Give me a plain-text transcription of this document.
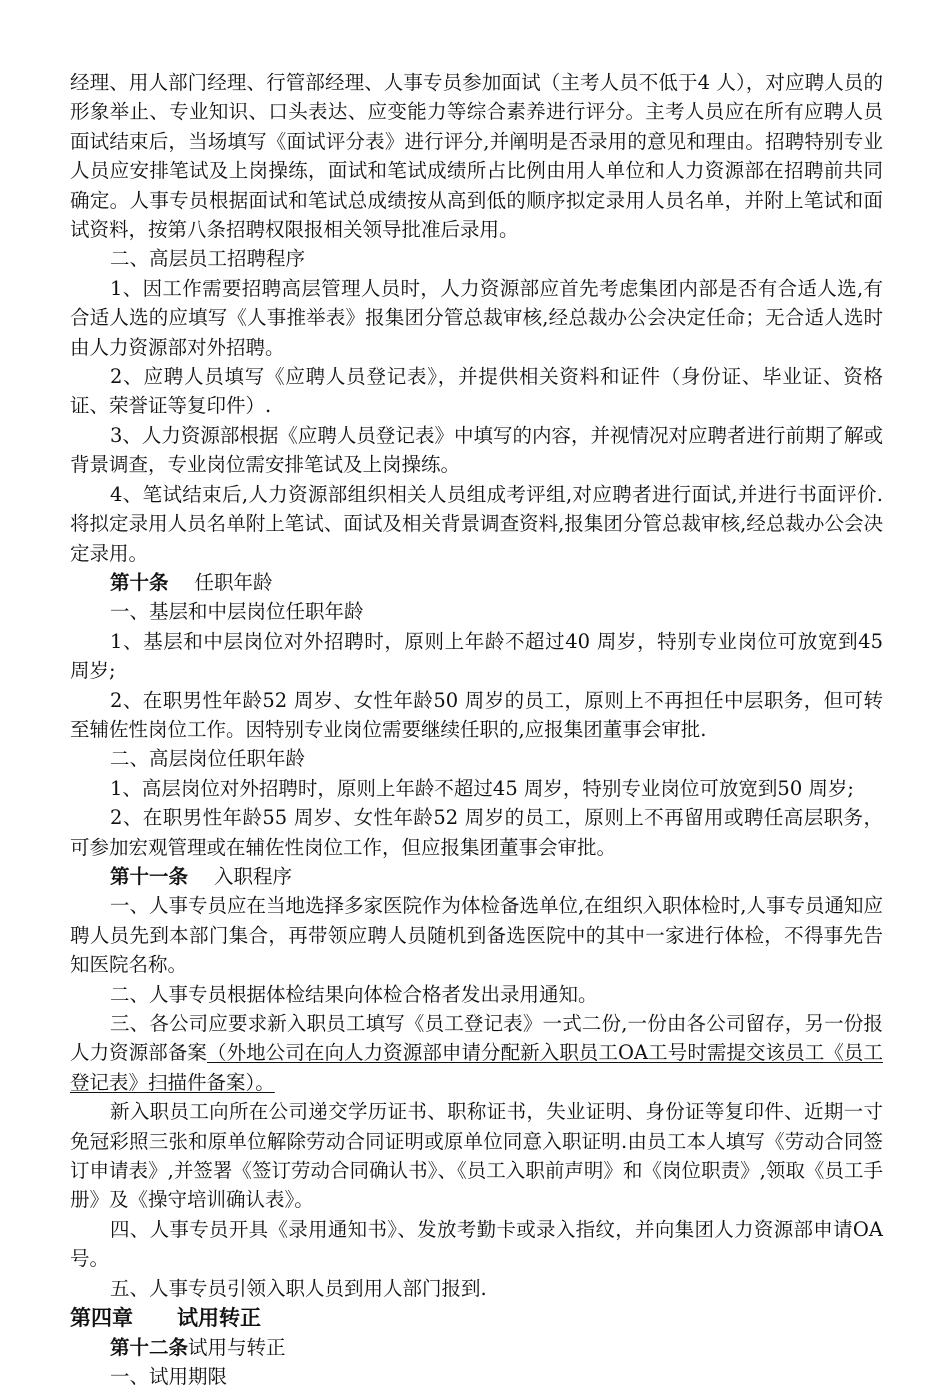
经理、用人部门经理、行管部经理、人事专员参加面试（主考人员不低于4 人），对应聘人员的形象举止、专业知识、口头表达、应变能力等综合素养进行评分。主考人员应在所有应聘人员面试结束后，当场填写《面试评分表》进行评分,并阐明是否录用的意见和理由。招聘特别专业人员应安排笔试及上岗操练，面试和笔试成绩所占比例由用人单位和人力资源部在招聘前共同确定。人事专员根据面试和笔试总成绩按从高到低的顺序拟定录用人员名单，并附上笔试和面试资料，按第八条招聘权限报相关领导批准后录用。

二、高层员工招聘程序

1、因工作需要招聘高层管理人员时，人力资源部应首先考虑集团内部是否有合适人选,有合适人选的应填写《人事推举表》报集团分管总裁审核,经总裁办公会决定任命；无合适人选时由人力资源部对外招聘。

2、应聘人员填写《应聘人员登记表》，并提供相关资料和证件（身份证、毕业证、资格证、荣誉证等复印件）.

3、人力资源部根据《应聘人员登记表》中填写的内容，并视情况对应聘者进行前期了解或背景调查，专业岗位需安排笔试及上岗操练。

4、笔试结束后,人力资源部组织相关人员组成考评组,对应聘者进行面试,并进行书面评价.将拟定录用人员名单附上笔试、面试及相关背景调查资料,报集团分管总裁审核,经总裁办公会决定录用。

第十条 任职年龄

一、基层和中层岗位任职年龄

1、基层和中层岗位对外招聘时，原则上年龄不超过40 周岁，特别专业岗位可放宽到45 周岁;

2、在职男性年龄52 周岁、女性年龄50 周岁的员工，原则上不再担任中层职务，但可转至辅佐性岗位工作。因特别专业岗位需要继续任职的,应报集团董事会审批.

二、高层岗位任职年龄

1、高层岗位对外招聘时，原则上年龄不超过45 周岁，特别专业岗位可放宽到50 周岁;

2、在职男性年龄55 周岁、女性年龄52 周岁的员工，原则上不再留用或聘任高层职务，可参加宏观管理或在辅佐性岗位工作，但应报集团董事会审批。

第十一条 入职程序

一、人事专员应在当地选择多家医院作为体检备选单位,在组织入职体检时,人事专员通知应聘人员先到本部门集合，再带领应聘人员随机到备选医院中的其中一家进行体检，不得事先告知医院名称。

二、人事专员根据体检结果向体检合格者发出录用通知。

三、各公司应要求新入职员工填写《员工登记表》一式二份,一份由各公司留存，另一份报人力资源部备案（外地公司在向人力资源部申请分配新入职员工OA工号时需提交该员工《员工登记表》扫描件备案）。

新入职员工向所在公司递交学历证书、职称证书，失业证明、身份证等复印件、近期一寸免冠彩照三张和原单位解除劳动合同证明或原单位同意入职证明.由员工本人填写《劳动合同签订申请表》,并签署《签订劳动合同确认书》、《员工入职前声明》和《岗位职责》,领取《员工手册》及《操守培训确认表》。

四、人事专员开具《录用通知书》、发放考勤卡或录入指纹，并向集团人力资源部申请OA号。

五、人事专员引领入职人员到用人部门报到.

第四章 试用转正

第十二条试用与转正

一、试用期限
